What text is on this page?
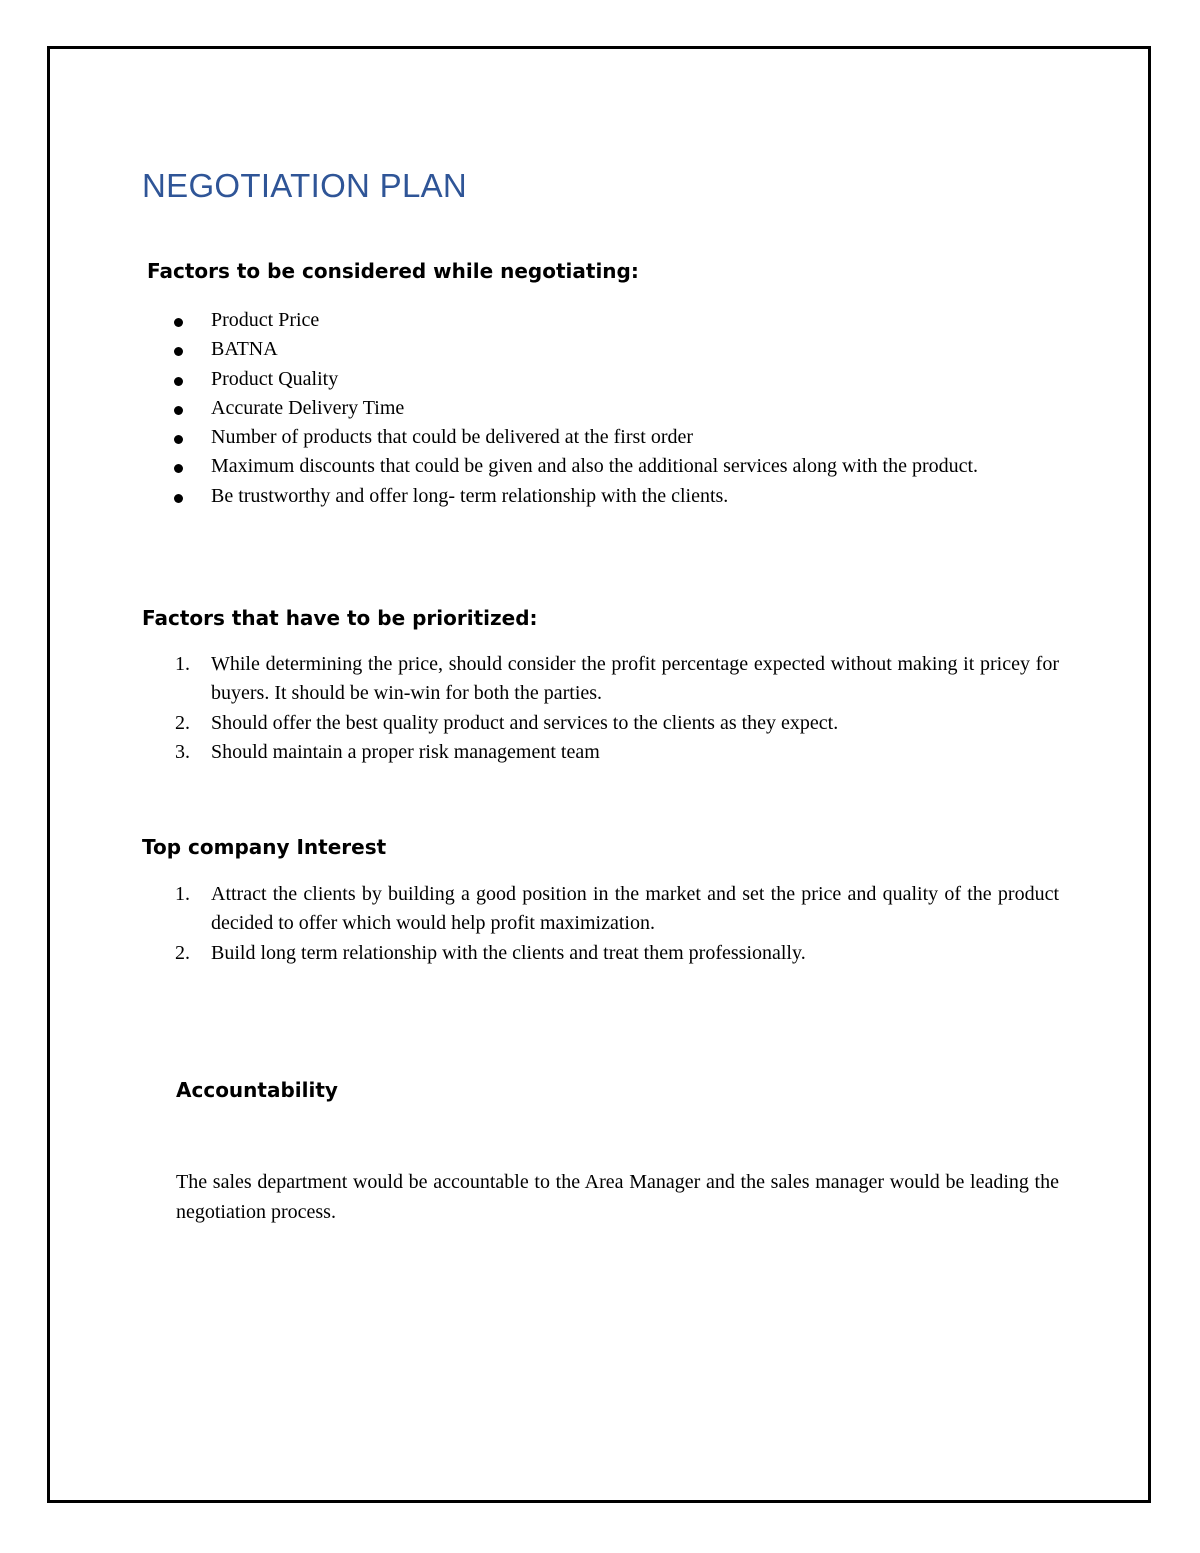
NEGOTIATION PLAN
Factors to be considered while negotiating:
Product Price
BATNA
Product Quality
Accurate Delivery Time
Number of products that could be delivered at the first order
Maximum discounts that could be given and also the additional services along with the product.
Be trustworthy and offer long- term relationship with the clients.
Factors that have to be prioritized:
1. While determining the price, should consider the profit percentage expected without making it pricey for buyers. It should be win-win for both the parties.
2. Should offer the best quality product and services to the clients as they expect.
3. Should maintain a proper risk management team
Top company Interest
1. Attract the clients by building a good position in the market and set the price and quality of the product decided to offer which would help profit maximization.
2. Build long term relationship with the clients and treat them professionally.
Accountability

The sales department would be accountable to the Area Manager and the sales manager would be leading the negotiation process.
